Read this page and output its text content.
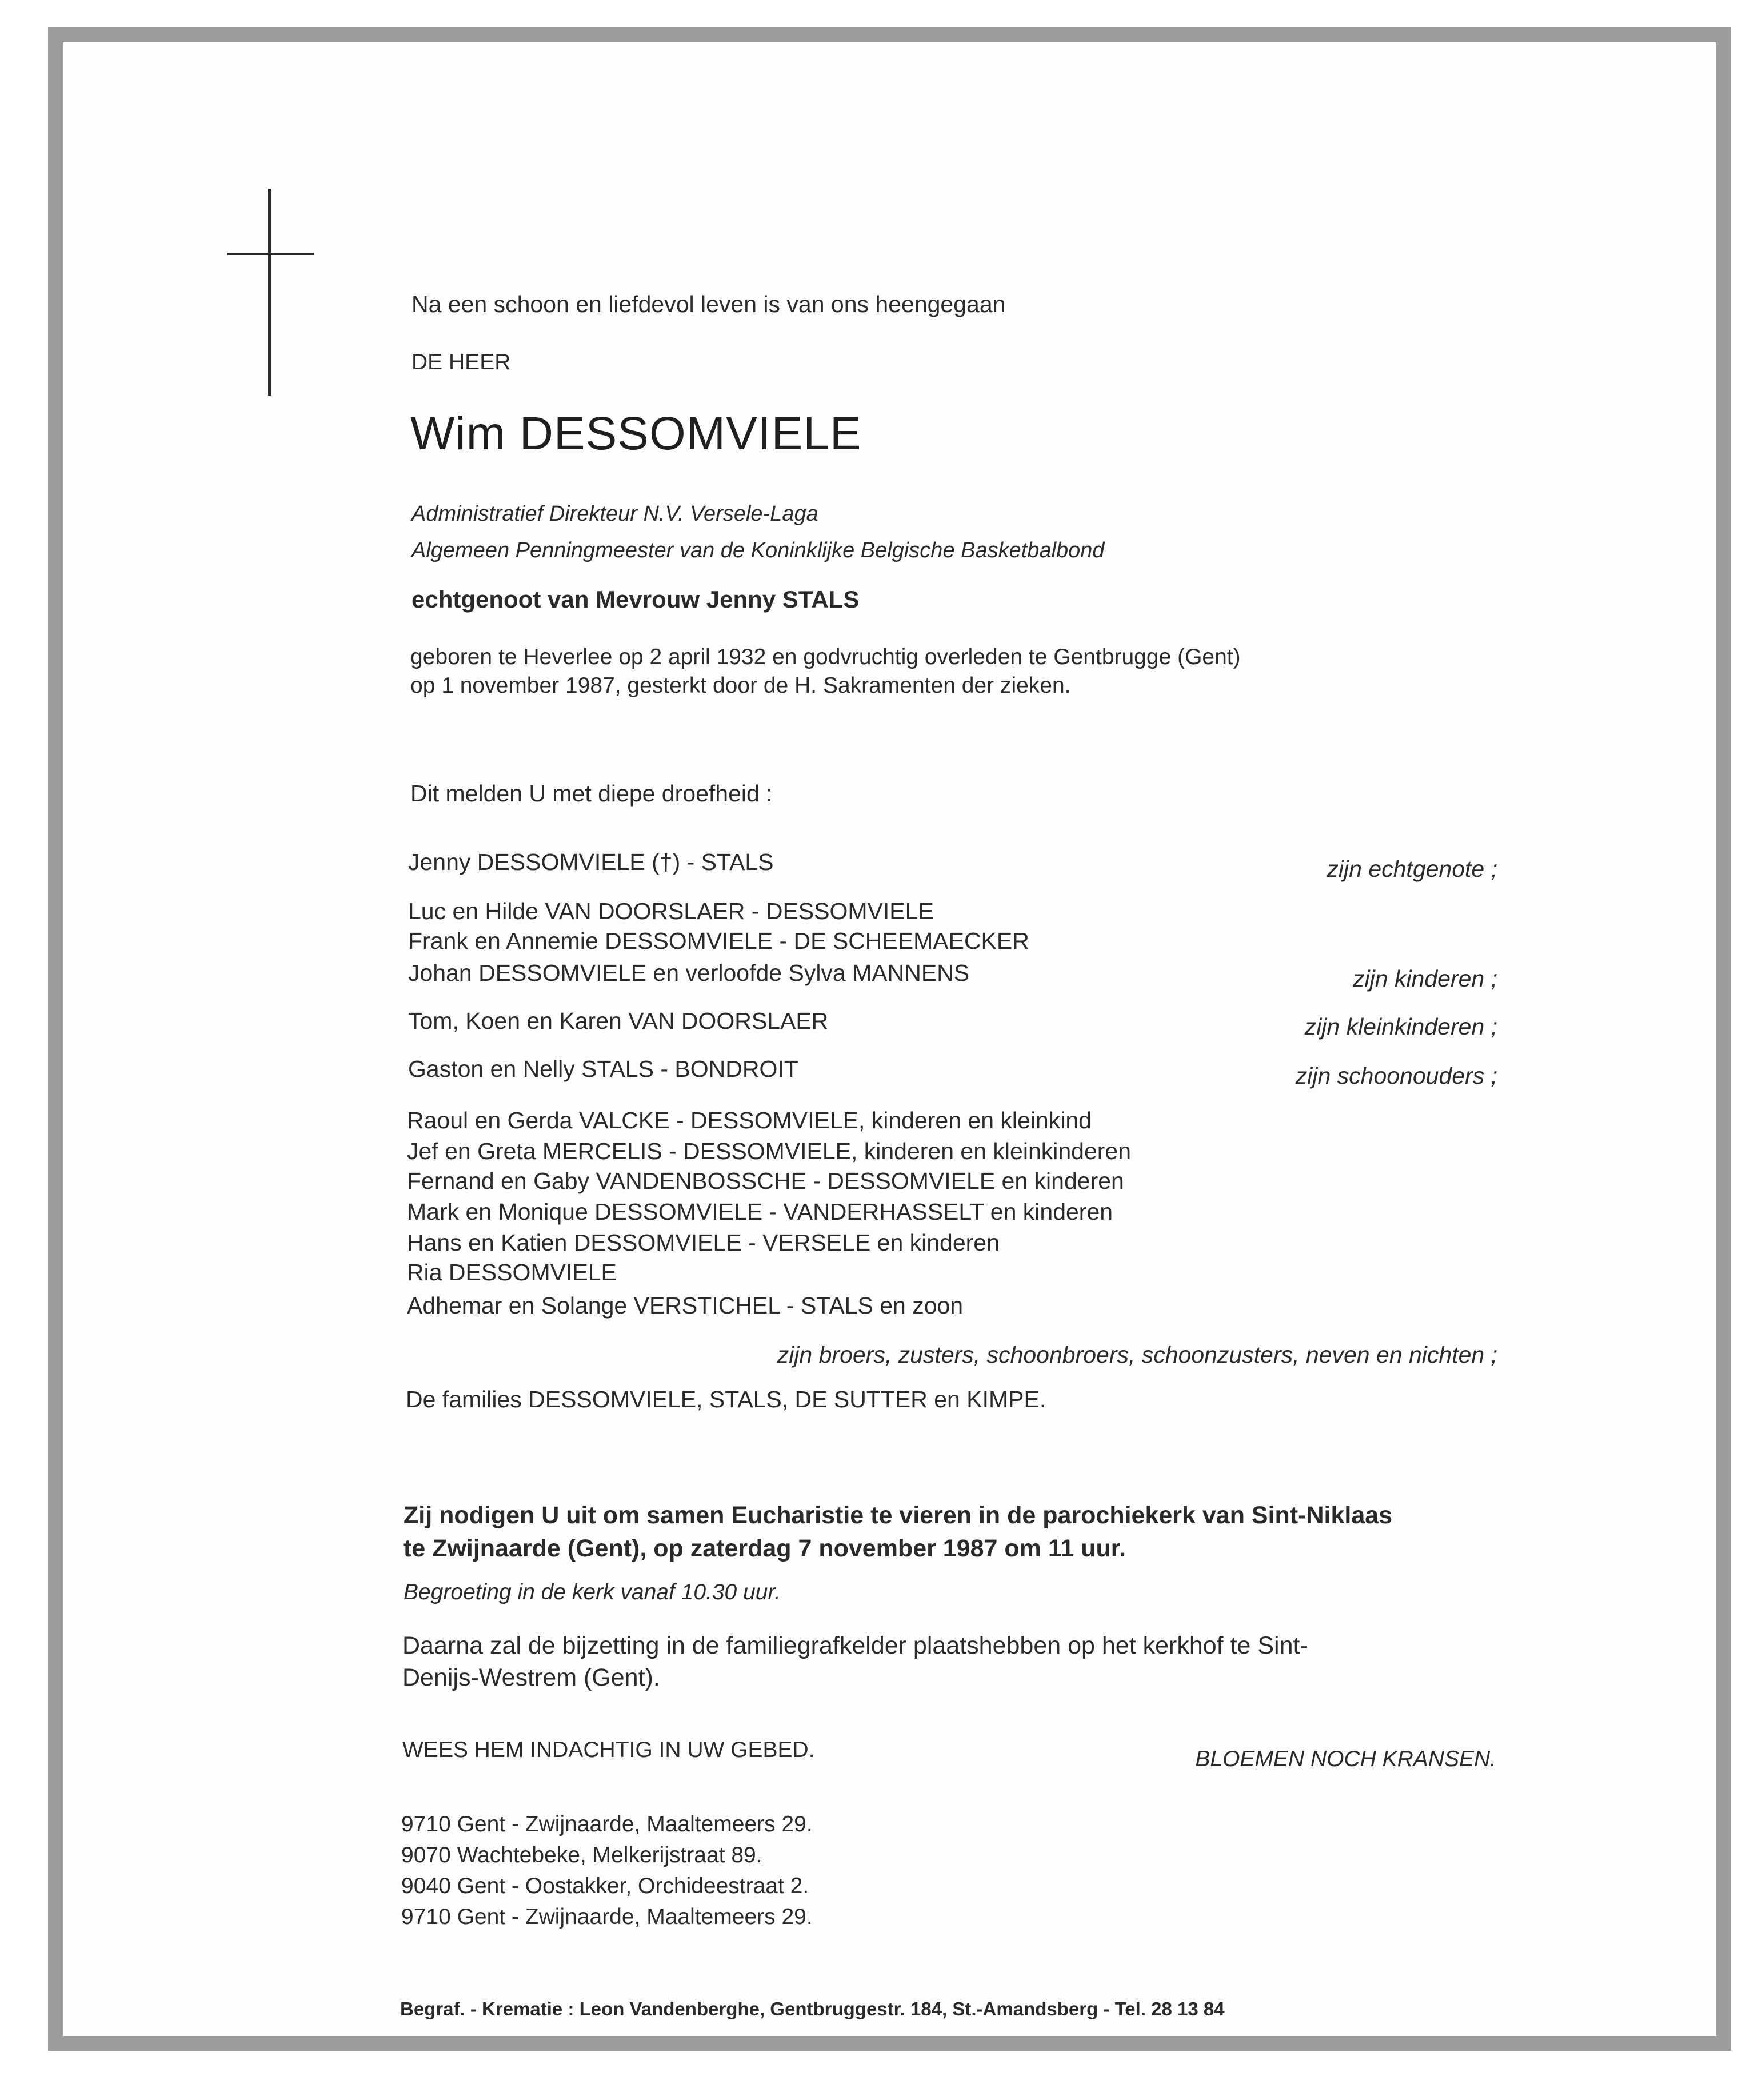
Na een schoon en liefdevol leven is van ons heengegaan
DE HEER
Wim DESSOMVIELE
Administratief Direkteur N.V. Versele-Laga
Algemeen Penningmeester van de Koninklijke Belgische Basketbalbond
echtgenoot van Mevrouw Jenny STALS
geboren te Heverlee op 2 april 1932 en godvruchtig overleden te Gentbrugge (Gent)
op 1 november 1987, gesterkt door de H. Sakramenten der zieken.
Dit melden U met diepe droefheid :
Jenny DESSOMVIELE (†) - STALS	zijn echtgenote ;
Luc en Hilde VAN DOORSLAER - DESSOMVIELE
Frank en Annemie DESSOMVIELE - DE SCHEEMAECKER
Johan DESSOMVIELE en verloofde Sylva MANNENS	zijn kinderen ;
Tom, Koen en Karen VAN DOORSLAER	zijn kleinkinderen ;
Gaston en Nelly STALS - BONDROIT	zijn schoonouders ;
Raoul en Gerda VALCKE - DESSOMVIELE, kinderen en kleinkind
Jef en Greta MERCELIS - DESSOMVIELE, kinderen en kleinkinderen
Fernand en Gaby VANDENBOSSCHE - DESSOMVIELE en kinderen
Mark en Monique DESSOMVIELE - VANDERHASSELT en kinderen
Hans en Katien DESSOMVIELE - VERSELE en kinderen
Ria DESSOMVIELE
Adhemar en Solange VERSTICHEL - STALS en zoon
zijn broers, zusters, schoonbroers, schoonzusters, neven en nichten ;
De families DESSOMVIELE, STALS, DE SUTTER en KIMPE.
Zij nodigen U uit om samen Eucharistie te vieren in de parochiekerk van Sint-Niklaas
te Zwijnaarde (Gent), op zaterdag 7 november 1987 om 11 uur.
Begroeting in de kerk vanaf 10.30 uur.
Daarna zal de bijzetting in de familiegrafkelder plaatshebben op het kerkhof te Sint-
Denijs-Westrem (Gent).
WEES HEM INDACHTIG IN UW GEBED.	BLOEMEN NOCH KRANSEN.
9710 Gent - Zwijnaarde, Maaltemeers 29.
9070 Wachtebeke, Melkerijstraat 89.
9040 Gent - Oostakker, Orchideestraat 2.
9710 Gent - Zwijnaarde, Maaltemeers 29.
Begraf. - Krematie : Leon Vandenberghe, Gentbruggestr. 184, St.-Amandsberg - Tel. 28 13 84
